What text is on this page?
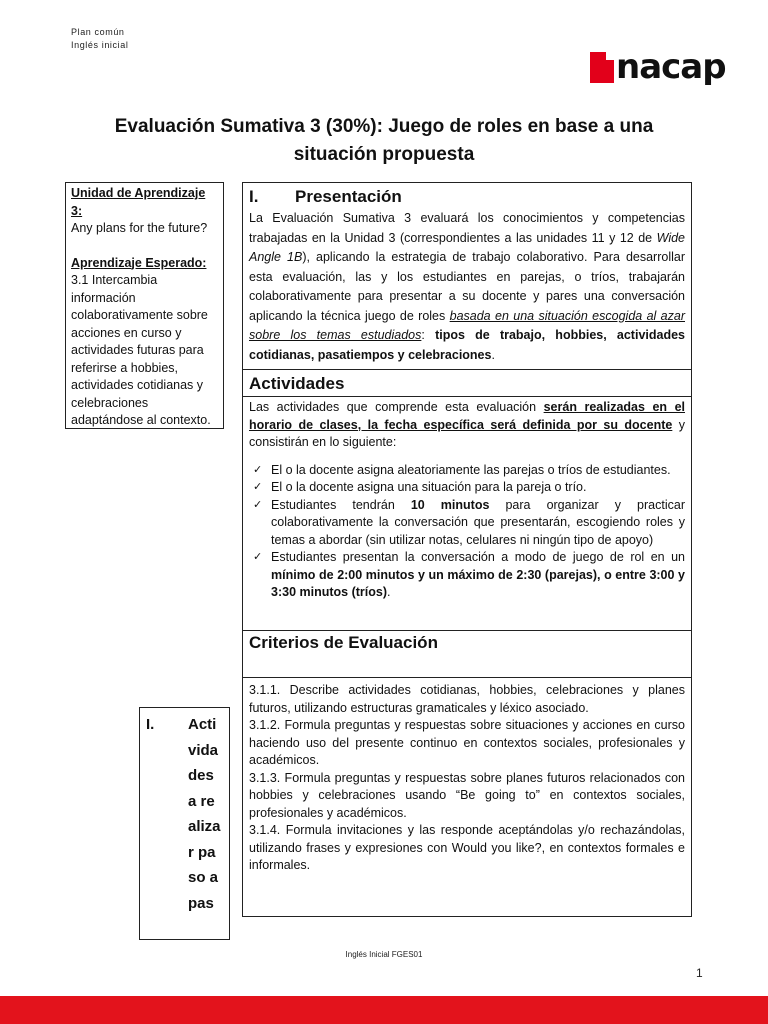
Plan común
Inglés inicial
nacap
Evaluación Sumativa 3 (30%): Juego de roles en base a una
situación propuesta
Unidad de Aprendizaje 3:
Any plans for the future?
Aprendizaje Esperado:
3.1 Intercambia información colaborativamente sobre acciones en curso y actividades futuras para referirse a hobbies, actividades cotidianas y celebraciones adaptándose al contexto.
I.	Actividades a realizar paso a pas
I. Presentación

La Evaluación Sumativa 3 evaluará los conocimientos y competencias trabajadas en la Unidad 3 (correspondientes a las unidades 11 y 12 de Wide Angle 1B), aplicando la estrategia de trabajo colaborativo. Para desarrollar esta evaluación, las y los estudiantes en parejas, o tríos, trabajarán colaborativamente para presentar a su docente y pares una conversación aplicando la técnica juego de roles basada en una situación escogida al azar sobre los temas estudiados: tipos de trabajo, hobbies, actividades cotidianas, pasatiempos y celebraciones.

Actividades

Las actividades que comprende esta evaluación serán realizadas en el horario de clases, la fecha específica será definida por su docente y consistirán en lo siguiente:

✓ El o la docente asigna aleatoriamente las parejas o tríos de estudiantes.
✓ El o la docente asigna una situación para la pareja o trío.
✓ Estudiantes tendrán 10 minutos para organizar y practicar colaborativamente la conversación que presentarán, escogiendo roles y temas a abordar (sin utilizar notas, celulares ni ningún tipo de apoyo)
✓ Estudiantes presentan la conversación a modo de juego de rol en un mínimo de 2:00 minutos y un máximo de 2:30 (parejas), o entre 3:00 y 3:30 minutos (tríos).
Criterios de Evaluación

3.1.1. Describe actividades cotidianas, hobbies, celebraciones y planes futuros, utilizando estructuras gramaticales y léxico asociado.

3.1.2. Formula preguntas y respuestas sobre situaciones y acciones en curso haciendo uso del presente continuo en contextos sociales, profesionales y académicos.

3.1.3. Formula preguntas y respuestas sobre planes futuros relacionados con hobbies y celebraciones usando “Be going to” en contextos sociales, profesionales y académicos.

3.1.4. Formula invitaciones y las responde aceptándolas y/o rechazándolas, utilizando frases y expresiones con Would you like?, en contextos formales e informales.

Inglés Inicial FGES01
1
